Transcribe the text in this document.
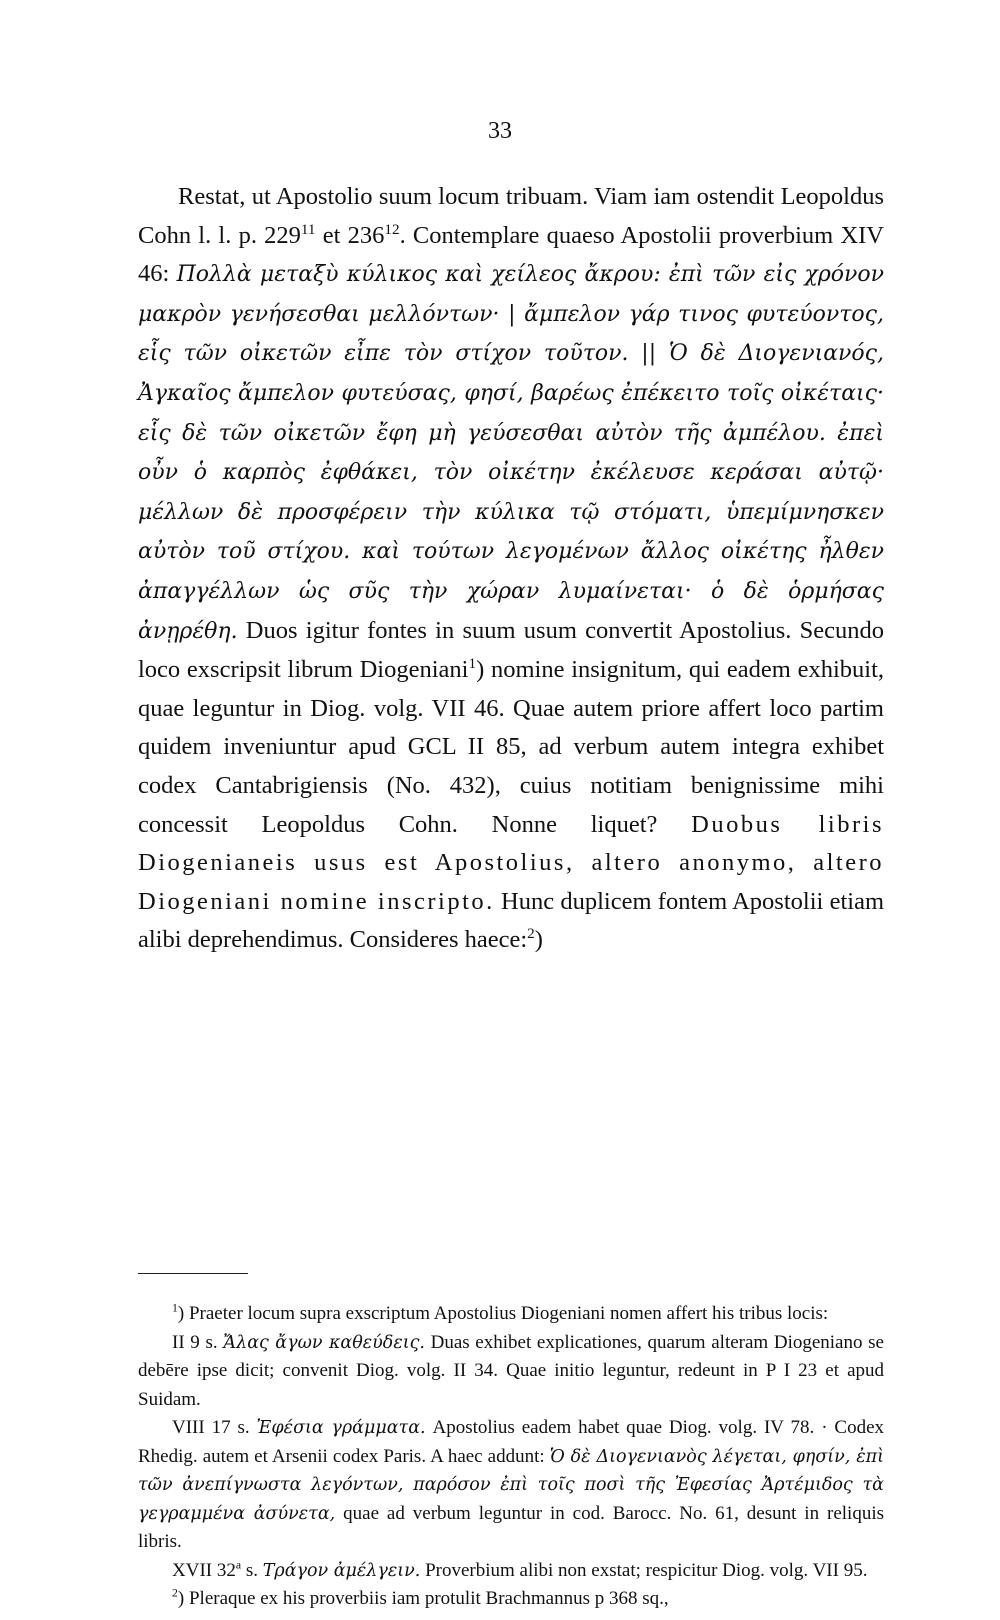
33

Restat, ut Apostolio suum locum tribuam. Viam iam ostendit Leopoldus Cohn l. l. p. $229^{11}$ et $236^{12}$. Contemplare quaeso Apostolii proverbium XIV 46: Πολλὰ μεταξὺ κύλικος καὶ χείλεος ἄκρου: ἐπὶ τῶν εἰς χρόνον μακρὸν γενήσεσθαι μελλόντων· | ἄμπελον γάρ τινος φυτεύοντος, εἷς τῶν οἰκετῶν εἶπε τὸν στίχον τοῦτον. || Ὁ δὲ Διογενιανός, Ἀγκαῖος ἄμπελον φυτεύσας, φησί, βαρέως ἐπέκειτο τοῖς οἰκέταις· εἷς δὲ τῶν οἰκετῶν ἔφη μὴ γεύσεσθαι αὐτὸν τῆς ἀμπέλου. ἐπεὶ οὖν ὁ καρπὸς ἐφθάκει, τὸν οἰκέτην ἐκέλευσε κεράσαι αὐτῷ· μέλλων δὲ προσφέρειν τὴν κύλικα τῷ στόματι, ὑπεμίμνησκεν αὐτὸν τοῦ στίχου. καὶ τούτων λεγομένων ἄλλος οἰκέτης ἦλθεν ἀπαγγέλλων ὡς σῦς τὴν χώραν λυμαίνεται· ὁ δὲ ὁρμήσας ἀνῃρέθη. Duos igitur fontes in suum usum convertit Apostolius. Secundo loco exscripsit librum Diogeniani$^1$) nomine insignitum, qui eadem exhibuit, quae leguntur in Diog. volg. VII 46. Quae autem priore affert loco partim quidem inveniuntur apud GCL II 85, ad verbum autem integra exhibet codex Cantabrigiensis (No. 432), cuius notitiam benignissime mihi concessit Leopoldus Cohn. Nonne liquet? Duobus libris Diogenianeis usus est Apostolius, altero anonymo, altero Diogeniani nomine inscripto. Hunc duplicem fontem Apostolii etiam alibi deprehendimus. Consideres haece:$^2$)

$^1$) Praeter locum supra exscriptum Apostolius Diogeniani nomen affert his tribus locis:

II 9 s. Ἄλας ἄγων καθεύδεις. Duas exhibet explicationes, quarum alteram Diogeniano se debēre ipse dicit; convenit Diog. volg. II 34. Quae initio leguntur, redeunt in P I 23 et apud Suidam.

VIII 17 s. Ἐφέσια γράμματα. Apostolius eadem habet quae Diog. volg. IV 78. · Codex Rhedig. autem et Arsenii codex Paris. A haec addunt: Ὁ δὲ Διογενιανὸς λέγεται, φησίν, ἐπὶ τῶν ἀνεπίγνωστα λεγόντων, παρόσον ἐπὶ τοῖς ποσὶ τῆς Ἐφεσίας Ἀρτέμιδος τὰ γεγραμμένα ἀσύνετα, quae ad verbum leguntur in cod. Barocc. No. 61, desunt in reliquis libris.

XVII 32$^a$ s. Τράγον ἀμέλγειν. Proverbium alibi non exstat; respicitur Diog. volg. VII 95.

$^2$) Pleraque ex his proverbiis iam protulit Brachmannus p 368 sq.,
